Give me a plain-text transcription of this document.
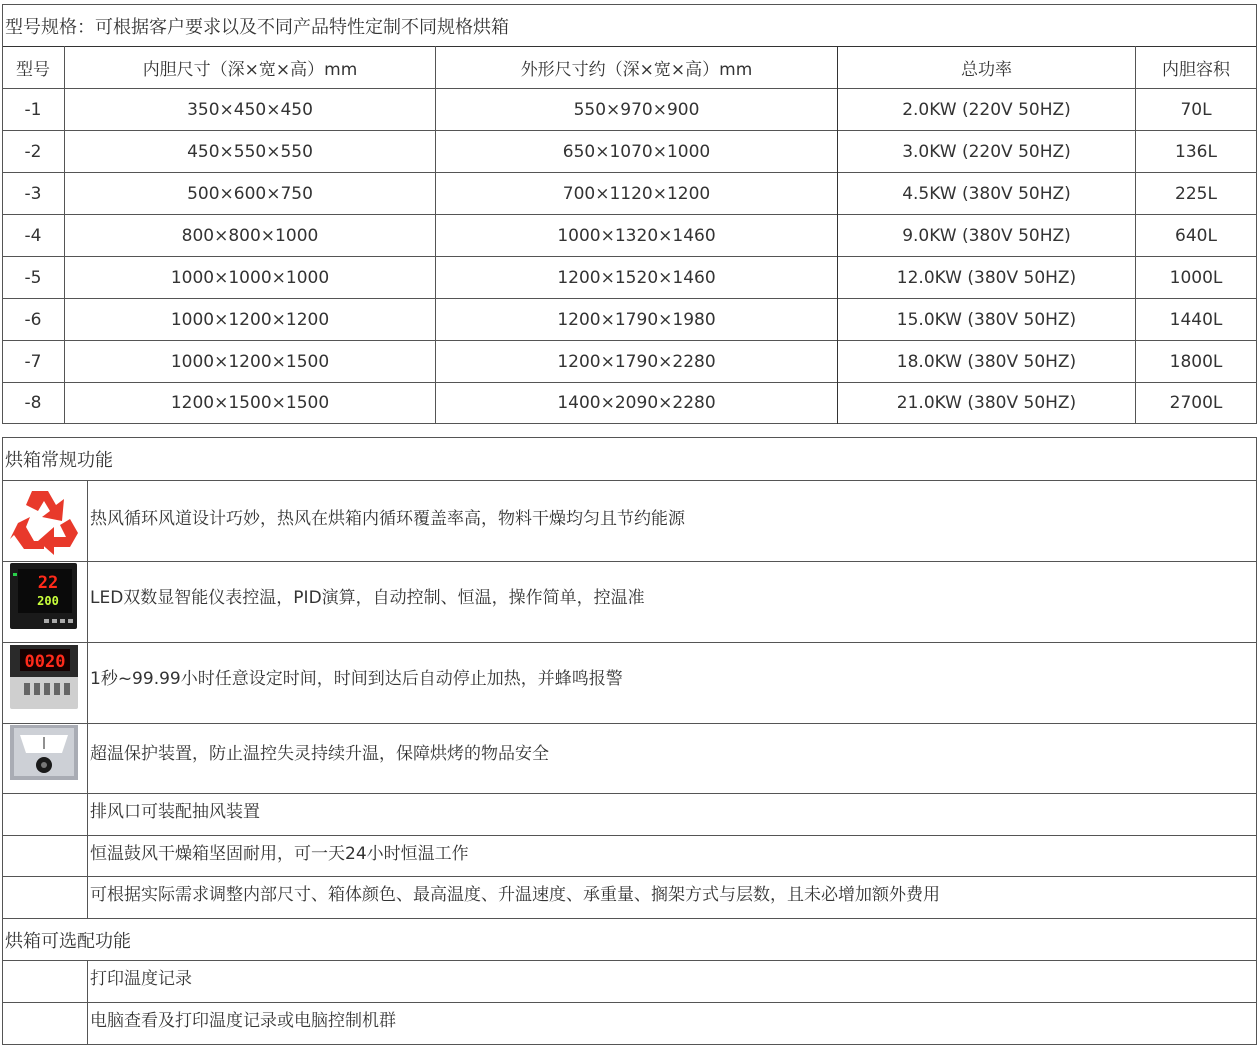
型号规格：可根据客户要求以及不同产品特性定制不同规格烘箱
型号	内胆尺寸（深×宽×高）mm	外形尺寸约（深×宽×高）mm	总功率	内胆容积
-1	350×450×450	550×970×900	2.0KW (220V 50HZ)	70L
-2	450×550×550	650×1070×1000	3.0KW (220V 50HZ)	136L
-3	500×600×750	700×1120×1200	4.5KW (380V 50HZ)	225L
-4	800×800×1000	1000×1320×1460	9.0KW (380V 50HZ)	640L
-5	1000×1000×1000	1200×1520×1460	12.0KW (380V 50HZ)	1000L
-6	1000×1200×1200	1200×1790×1980	15.0KW (380V 50HZ)	1440L
-7	1000×1200×1500	1200×1790×2280	18.0KW (380V 50HZ)	1800L
-8	1200×1500×1500	1400×2090×2280	21.0KW (380V 50HZ)	2700L
烘箱常规功能
烘箱可选配功能
热风循环风道设计巧妙，热风在烘箱内循环覆盖率高，物料干燥均匀且节约能源
22
200 LED双数显智能仪表控温，PID演算，自动控制、恒温，操作简单，控温准
0020
1秒~99.99小时任意设定时间，时间到达后自动停止加热，并蜂鸣报警
超温保护装置，防止温控失灵持续升温，保障烘烤的物品安全
排风口可装配抽风装置
恒温鼓风干燥箱坚固耐用，可一天24小时恒温工作
可根据实际需求调整内部尺寸、箱体颜色、最高温度、升温速度、承重量、搁架方式与层数，且未必增加额外费用
打印温度记录
电脑查看及打印温度记录或电脑控制机群
